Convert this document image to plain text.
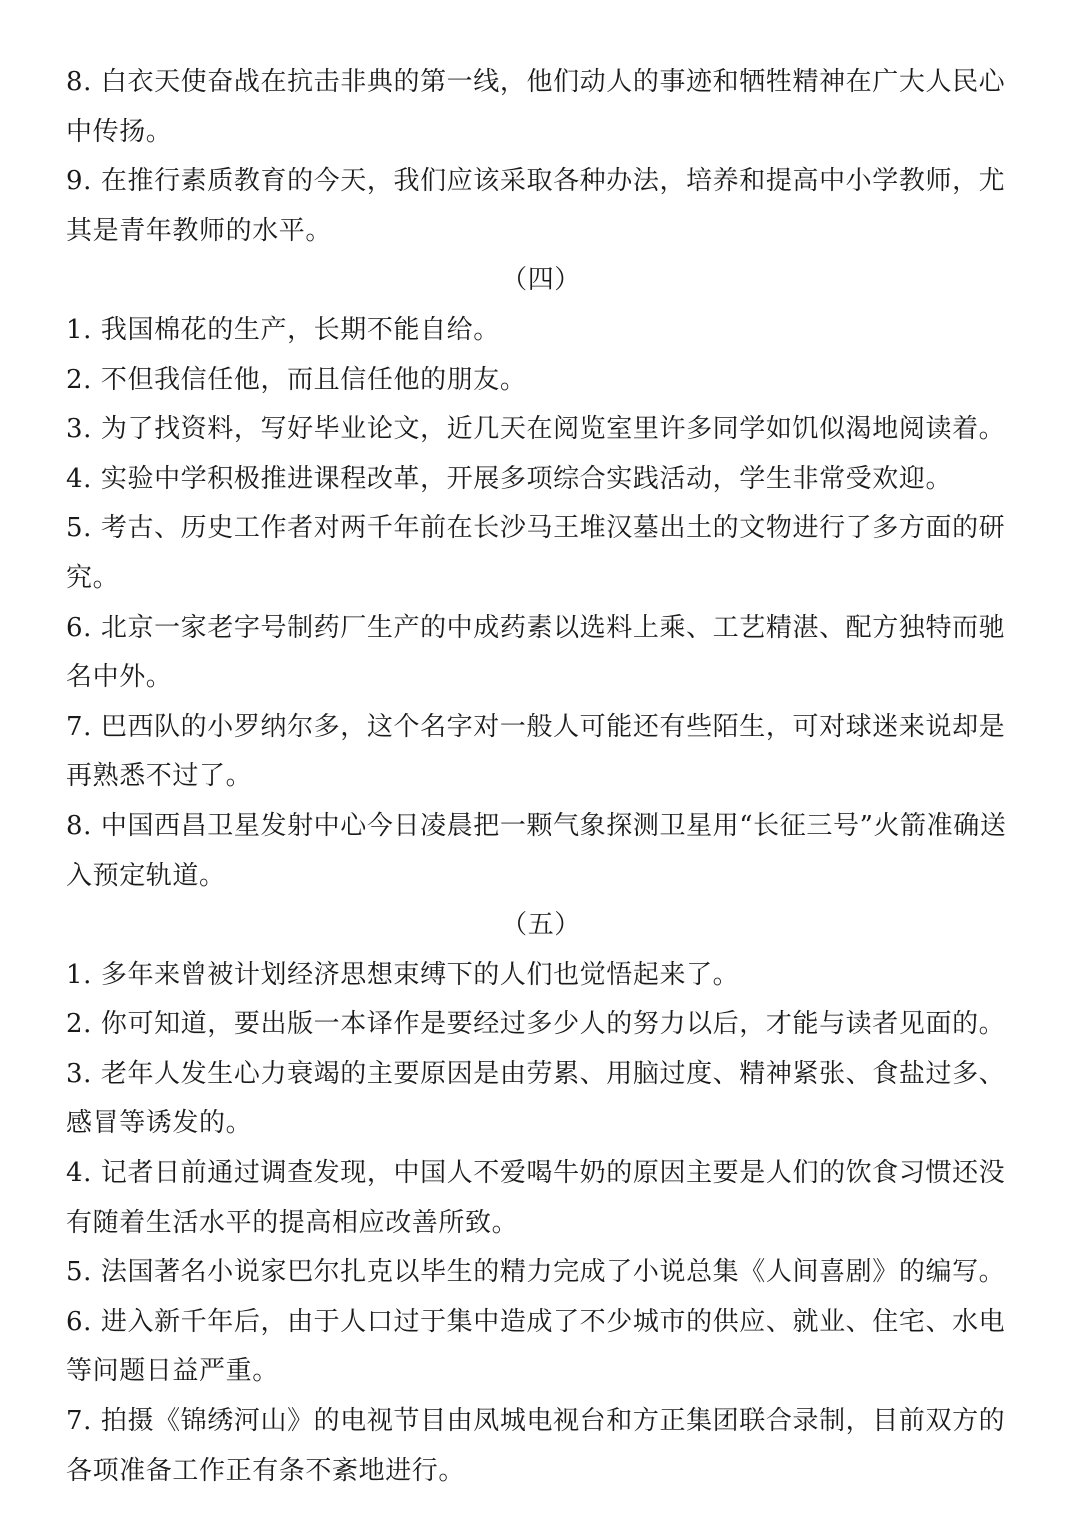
8. 白衣天使奋战在抗击非典的第一线，他们动人的事迹和牺牲精神在广大人民心中传扬。

9. 在推行素质教育的今天，我们应该采取各种办法，培养和提高中小学教师，尤其是青年教师的水平。

（四）

1. 我国棉花的生产，长期不能自给。

2. 不但我信任他，而且信任他的朋友。

3. 为了找资料，写好毕业论文，近几天在阅览室里许多同学如饥似渴地阅读着。

4. 实验中学积极推进课程改革，开展多项综合实践活动，学生非常受欢迎。

5. 考古、历史工作者对两千年前在长沙马王堆汉墓出土的文物进行了多方面的研究。

6. 北京一家老字号制药厂生产的中成药素以选料上乘、工艺精湛、配方独特而驰名中外。

7. 巴西队的小罗纳尔多，这个名字对一般人可能还有些陌生，可对球迷来说却是再熟悉不过了。

8. 中国西昌卫星发射中心今日凌晨把一颗气象探测卫星用“长征三号”火箭准确送入预定轨道。

（五）

1. 多年来曾被计划经济思想束缚下的人们也觉悟起来了。

2. 你可知道，要出版一本译作是要经过多少人的努力以后，才能与读者见面的。

3. 老年人发生心力衰竭的主要原因是由劳累、用脑过度、精神紧张、食盐过多、感冒等诱发的。

4. 记者日前通过调查发现，中国人不爱喝牛奶的原因主要是人们的饮食习惯还没有随着生活水平的提高相应改善所致。

5. 法国著名小说家巴尔扎克以毕生的精力完成了小说总集《人间喜剧》的编写。

6. 进入新千年后，由于人口过于集中造成了不少城市的供应、就业、住宅、水电等问题日益严重。

7. 拍摄《锦绣河山》的电视节目由凤城电视台和方正集团联合录制，目前双方的各项准备工作正有条不紊地进行。
